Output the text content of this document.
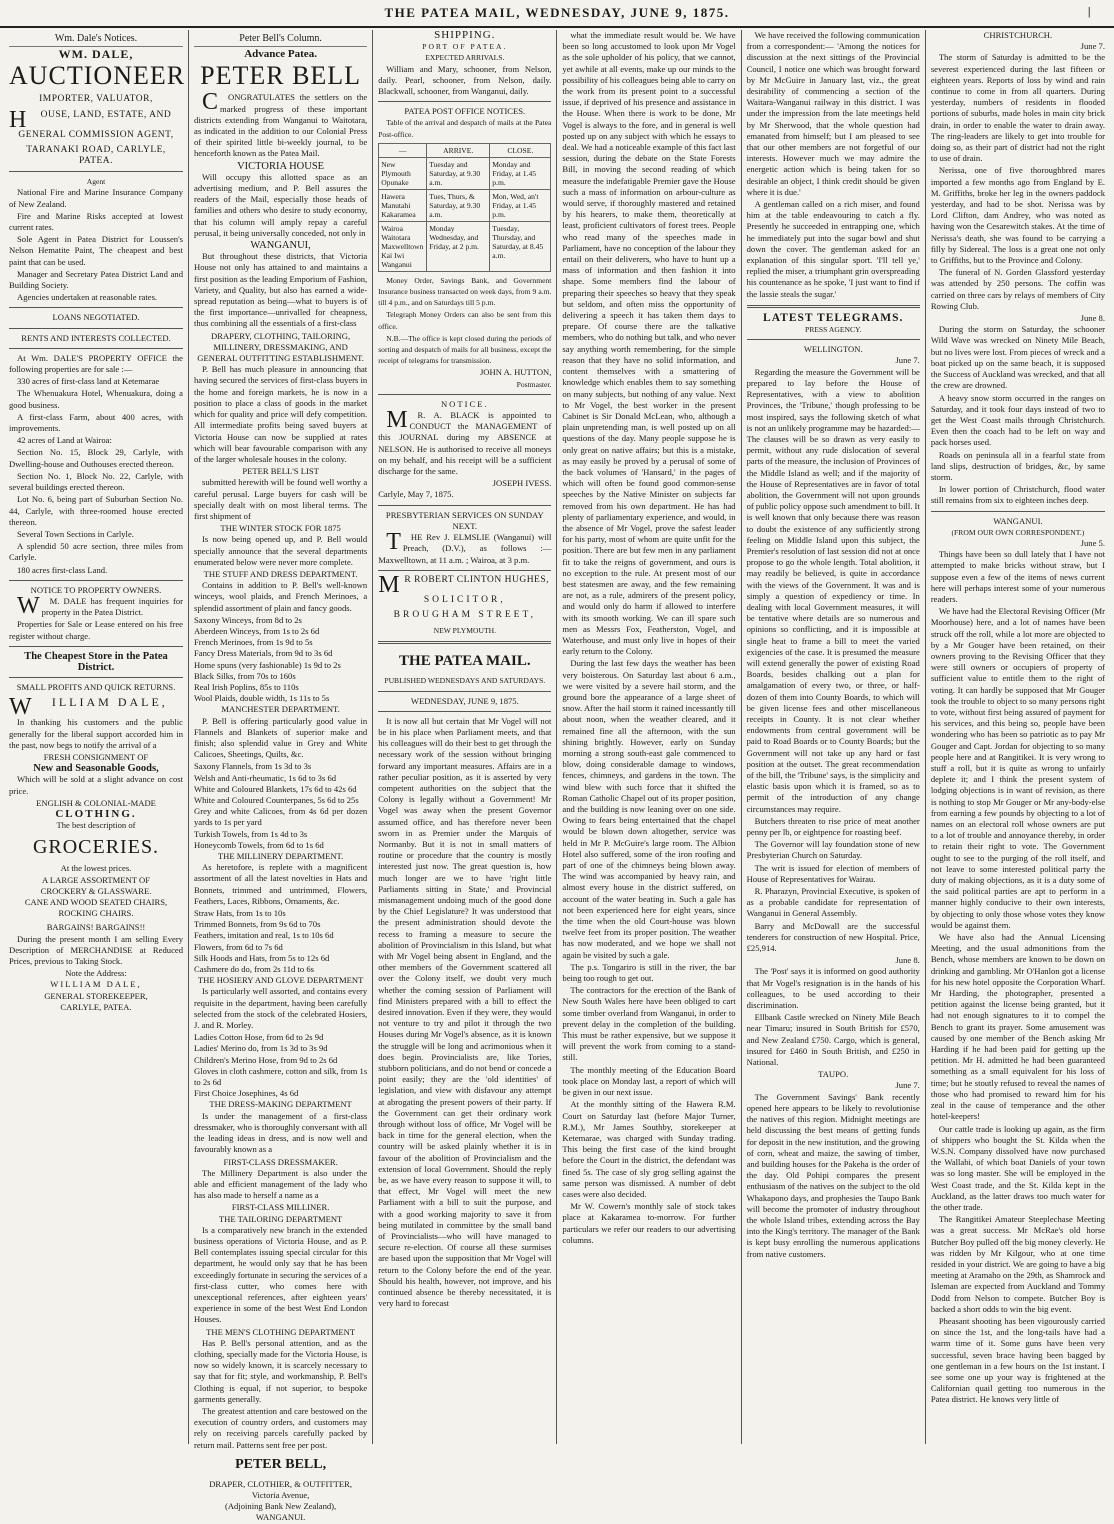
THE PATEA MAIL, WEDNESDAY, JUNE 9, 1875.	|
Wm. Dale's Notices.
WM. DALE,
AUCTIONEER
IMPORTER, VALUATOR,
H OUSE, LAND, ESTATE, AND
GENERAL COMMISSION AGENT,
TARANAKI ROAD, CARLYLE, PATEA.
Agent

National Fire and Marine Insurance Company of New Zealand.

Fire and Marine Risks accepted at lowest current rates.

Sole Agent in Patea District for Loussen's Nelson Hematite Paint, The cheapest and best paint that can be used.

Manager and Secretary Patea District Land and Building Society.

Agencies undertaken at reasonable rates.

LOANS NEGOTIATED.
RENTS AND INTERESTS COLLECTED.

At Wm. DALE'S PROPERTY OFFICE the following properties are for sale :—

330 acres of first-class land at Ketemarae

The Whenuakura Hotel, Whenuakura, doing a good business.

A first-class Farm, about 400 acres, with improvements.

42 acres of Land at Wairoa:

Section No. 15, Block 29, Carlyle, with Dwelling-house and Outhouses erected thereon.

Section No. 1, Block No. 22, Carlyle, with several buildings erected thereon.

Lot No. 6, being part of Suburban Section No. 44, Carlyle, with three-roomed house erected thereon.

Several Town Sections in Carlyle.

A splendid 50 acre section, three miles from Carlyle.

180 acres first-class Land.

NOTICE TO PROPERTY OWNERS.

W M. DALE has frequent inquiries for property in the Patea District.

Properties for Sale or Lease entered on his free register without charge.

The Cheapest Store in the Patea District.
SMALL PROFITS AND QUICK RETURNS.
W ILLIAM DALE,

In thanking his customers and the public generally for the liberal support accorded him in the past, now begs to notify the arrival of a

FRESH CONSIGNMENT OF
New and Seasonable Goods,

Which will be sold at a slight advance on cost price.

ENGLISH & COLONIAL-MADE
CLOTHING.
The best description of
GROCERIES.
At the lowest prices.
A LARGE ASSORTMENT OF
CROCKERY & GLASSWARE.
CANE AND WOOD SEATED CHAIRS,
ROCKING CHAIRS.
BARGAINS! BARGAINS!!

During the present month I am selling Every Description of MERCHANDISE at Reduced Prices, previous to Taking Stock.

Note the Address:
WILLIAM DALE,
GENERAL STOREKEEPER,
CARLYLE, PATEA.
Peter Bell's Column.
Advance Patea.
PETER BELL

C ONGRATULATES the settlers on the marked progress of these important districts extending from Wanganui to Waitotara, as indicated in the addition to our Colonial Press of their spirited little bi-weekly journal, to be henceforth known as the Patea Mail.

VICTORIA HOUSE

Will occupy this allotted space as an advertising medium, and P. Bell assures the readers of the Mail, especially those heads of families and others who desire to study economy, that his column will amply repay a careful perusal, it being universally conceded, not only in

WANGANUI,

But throughout these districts, that Victoria House not only has attained to and maintains a first position as the leading Emporium of Fashion, Variety, and Quality, but also has earned a wide-spread reputation as being—what to buyers is of the first importance—unrivalled for cheapness, thus combining all the essentials of a first-class

DRAPERY, CLOTHING, TAILORING, MILLINERY, DRESSMAKING, AND GENERAL OUTFITTING ESTABLISHMENT.

P. Bell has much pleasure in announcing that having secured the services of first-class buyers in the home and foreign markets, he is now in a position to place a class of goods in the market which for quality and price will defy competition. All intermediate profits being saved buyers at Victoria House can now be supplied at rates which will bear favourable comparison with any of the larger wholesale houses in the colony.

PETER BELL'S LIST

submitted herewith will be found well worthy a careful perusal. Large buyers for cash will be specially dealt with on most liberal terms. The first shipment of

THE WINTER STOCK FOR 1875

Is now being opened up, and P. Bell would specially announce that the several departments enumerated below were never more complete.

THE STUFF AND DRESS DEPARTMENT.

Contains in addition to P. Bell's well-known winceys, wool plaids, and French Merinoes, a splendid assortment of plain and fancy goods.

Saxony Winceys, from 8d to 2s
Aberdeen Winceys, from 1s to 2s 6d
French Merinoes, from 1s 9d to 5s
Fancy Dress Materials, from 9d to 3s 6d
Home spuns (very fashionable) 1s 9d to 2s
Black Silks, from 70s to 160s
Real Irish Poplins, 85s to 110s
Wool Plaids, double width, 1s 11s to 5s
MANCHESTER DEPARTMENT.

P. Bell is offering particularly good value in Flannels and Blankets of superior make and finish; also splendid value in Grey and White Calicoes, Sheetings, Quilts, &c.

Saxony Flannels, from 1s 3d to 3s
Welsh and Anti-rheumatic, 1s 6d to 3s 6d
White and Coloured Blankets, 17s 6d to 42s 6d
White and Coloured Counterpanes, 5s 6d to 25s
Grey and white Calicoes, from 4s 6d per dozen yards to 1s per yard
Turkish Towels, from 1s 4d to 3s
Honeycomb Towels, from 6d to 1s 6d
THE MILLINERY DEPARTMENT.

As heretofore, is replete with a magnificent assortment of all the latest novelties in Hats and Bonnets, trimmed and untrimmed, Flowers, Feathers, Laces, Ribbons, Ornaments, &c.

Straw Hats, from 1s to 10s
Trimmed Bonnets, from 9s 6d to 70s
Feathers, imitation and real, 1s to 10s 6d
Flowers, from 6d to 7s 6d
Silk Hoods and Hats, from 5s to 12s 6d
Cashmere do do, from 2s 11d to 6s
THE HOSIERY AND GLOVE DEPARTMENT

Is particularly well assorted, and contains every requisite in the department, having been carefully selected from the stock of the celebrated Hosiers, J. and R. Morley.

Ladies Cotton Hose, from 6d to 2s 9d
Ladies' Merino do, from 1s 3d to 3s 9d
Children's Merino Hose, from 9d to 2s 6d
Gloves in cloth cashmere, cotton and silk, from 1s to 2s 6d
First Choice Josephines, 4s 6d
THE DRESS-MAKING DEPARTMENT

Is under the management of a first-class dressmaker, who is thoroughly conversant with all the leading ideas in dress, and is now well and favourably known as a

FIRST-CLASS DRESSMAKER.

The Millinery Department is also under the able and efficient management of the lady who has also made to herself a name as a

FIRST-CLASS MILLINER.
THE TAILORING DEPARTMENT

Is a comparatively new branch in the extended business operations of Victoria House, and as P. Bell contemplates issuing special circular for this department, he would only say that he has been exceedingly fortunate in securing the services of a first-class cutter, who comes here with unexceptional references, after eighteen years' experience in some of the best West End London Houses.

THE MEN'S CLOTHING DEPARTMENT

Has P. Bell's personal attention, and as the clothing, specially made for the Victoria House, is now so widely known, it is scarcely necessary to say that for fit; style, and workmanship, P. Bell's Clothing is equal, if not superior, to bespoke garments generally.

The greatest attention and care bestowed on the execution of country orders, and customers may rely on receiving parcels carefully packed by return mail. Patterns sent free per post.

PETER BELL,
DRAPER, CLOTHIER, & OUTFITTER,
Victoria Avenue,
(Adjoining Bank New Zealand),
WANGANUI.
SHIPPING.
PORT OF PATEA.
EXPECTED ARRIVALS.

William and Mary, schooner, from Nelson, daily. Pearl, schooner, from Nelson, daily. Blackwall, schooner, from Wanganui, daily.

PATEA POST OFFICE NOTICES.

Table of the arrival and despatch of mails at the Patea Post-office.

—	ARRIVE.	CLOSE.
New Plymouth
Opunake	Tuesday and Saturday, at 9.30 a.m.	Monday and Friday, at 1.45 p.m.
Hawera
Manutahi
Kakaramea	Tues, Thurs, & Saturday, at 9.30 a.m.	Mon, Wed, an't Friday, at 1.45 p.m.
Wairoa
Waitotara
Maxwelltown
Kai Iwi
Wanganui	Monday Wednesday, and Friday, at 2 p.m.	Tuesday, Thursday, and Saturday, at 8.45 a.m.

Money Order, Savings Bank, and Government Insurance business transacted on week days, from 9 a.m. till 4 p.m., and on Saturdays till 5 p.m.

Telegraph Money Orders can also be sent from this office.

N.B.—The office is kept closed during the periods of sorting and despatch of mails for all business, except the receipt of telegrams for transmission.

JOHN A. HUTTON,
Postmaster.
NOTICE.

M R. A. BLACK is appointed to CONDUCT the MANAGEMENT of this JOURNAL during my ABSENCE at NELSON. He is authorised to receive all moneys on my behalf, and his receipt will be a sufficient discharge for the same.

JOSEPH IVESS.
Carlyle, May 7, 1875.
PRESBYTERIAN SERVICES ON SUNDAY NEXT.

T HE Rev J. ELMSLIE (Wanganui) will Preach, (D.V.), as follows :— Maxwelltown, at 11 a.m. ; Wairoa, at 3 p.m.

M R ROBERT CLINTON HUGHES,
SOLICITOR,
BROUGHAM STREET,
NEW PLYMOUTH.
THE PATEA MAIL.
PUBLISHED WEDNESDAYS AND SATURDAYS.
WEDNESDAY, JUNE 9, 1875.

It is now all but certain that Mr Vogel will not be in his place when Parliament meets, and that his colleagues will do their best to get through the necessary work of the session without bringing forward any important measures. Affairs are in a rather peculiar position, as it is asserted by very competent authorities on the subject that the Colony is legally without a Government! Mr Vogel was away when the present Governor assumed office, and has therefore never been sworn in as Premier under the Marquis of Normanby. But it is not in small matters of routine or procedure that the country is mostly interested just now. The great question is, how much longer are we to have 'right little Parliaments sitting in State,' and Provincial mismanagement undoing much of the good done by the Chief Legislature? It was understood that the present administration should devote the recess to framing a measure to secure the abolition of Provincialism in this Island, but what with Mr Vogel being absent in England, and the other members of the Government scattered all over the Colony itself, we doubt very much whether the coming session of Parliament will find Ministers prepared with a bill to effect the desired innovation. Even if they were, they would not venture to try and pilot it through the two Houses during Mr Vogel's absence, as it is known the struggle will be long and acrimonious when it does begin. Provincialists are, like Tories, stubborn politicians, and do not bend or concede a point easily; they are the 'old identities' of legislation, and view with disfavour any attempt at abrogating the present powers of their party. If the Government can get their ordinary work through without loss of office, Mr Vogel will be back in time for the general election, when the country will be asked plainly whether it is in favour of the abolition of Provincialism and the extension of local Government. Should the reply be, as we have every reason to suppose it will, to that effect, Mr Vogel will meet the new Parliament with a bill to suit the purpose, and with a good working majority to save it from being mutilated in committee by the small band of Provincialists—who will have managed to secure re-election. Of course all these surmises are based upon the supposition that Mr Vogel will return to the Colony before the end of the year. Should his health, however, not improve, and his continued absence be thereby necessitated, it is very hard to forecast

what the immediate result would be. We have been so long accustomed to look upon Mr Vogel as the sole upholder of his policy, that we cannot, yet awhile at all events, make up our minds to the possibility of his colleagues being able to carry on the work from its present point to a successful issue, if deprived of his presence and assistance in the House. When there is work to be done, Mr Vogel is always to the fore, and in general is well posted up on any subject with which he essays to deal. We had a noticeable example of this fact last session, during the debate on the State Forests Bill, in moving the second reading of which measure the indefatigable Premier gave the House such a mass of information on arbour-culture as would serve, if thoroughly mastered and retained by his hearers, to make them, theoretically at least, proficient cultivators of forest trees. People who read many of the speeches made in Parliament, have no conception of the labour they entail on their deliverers, who have to hunt up a mass of information and then fashion it into shape. Some members find the labour of preparing their speeches so heavy that they speak but seldom, and often miss the opportunity of delivering a speech it has taken them days to prepare. Of course there are the talkative members, who do nothing but talk, and who never say anything worth remembering, for the simple reason that they have no solid information, and content themselves with a smattering of knowledge which enables them to say something on many subjects, but nothing of any value. Next to Mr Vogel, the best worker in the present Cabinet is Sir Donald McLean, who, although a plain unpretending man, is well posted up on all questions of the day. Many people suppose he is only great on native affairs; but this is a mistake, as may easily be proved by a perusal of some of the back volumes of 'Hansard,' in the pages of which will often be found good common-sense speeches by the Native Minister on subjects far removed from his own department. He has had plenty of parliamentary experience, and would, in the absence of Mr Vogel, prove the safest leader for his party, most of whom are quite unfit for the position. There are but few men in any parliament fit to take the reigns of government, and ours is no exception to the rule. At present most of our best statesmen are away, and the few remaining are not, as a rule, admirers of the present policy, and would only do harm if allowed to interfere with its smooth working. We can ill spare such men as Messrs Fox, Featherston, Vogel, and Waterhouse, and must only live in hopes of their early return to the Colony.

During the last few days the weather has been very boisterous. On Saturday last about 6 a.m., we were visited by a severe hail storm, and the ground bore the appearance of a large sheet of snow. After the hail storm it rained incessantly till about noon, when the weather cleared, and it remained fine all the afternoon, with the sun shining brightly. However, early on Sunday morning a strong south-east gale commenced to blow, doing considerable damage to windows, fences, chimneys, and gardens in the town. The wind blew with such force that it shifted the Roman Catholic Chapel out of its proper position, and the building is now leaning over on one side. Owing to fears being entertained that the chapel would be blown down altogether, service was held in Mr P. McGuire's large room. The Albion Hotel also suffered, some of the iron roofing and part of one of the chimneys being blown away. The wind was accompanied by heavy rain, and almost every house in the district suffered, on account of the water beating in. Such a gale has not been experienced here for eight years, since the time when the old Court-house was blown twelve feet from its proper position. The weather has now moderated, and we hope we shall not again be visited by such a gale.

The p.s. Tongariro is still in the river, the bar being too rough to get out.

The contractors for the erection of the Bank of New South Wales here have been obliged to cart some timber overland from Wanganui, in order to prevent delay in the completion of the building. This must be rather expensive, but we suppose it will prevent the work from coming to a stand-still.

The monthly meeting of the Education Board took place on Monday last, a report of which will be given in our next issue.

At the monthly sitting of the Hawera R.M. Court on Saturday last (before Major Turner, R.M.), Mr James Southby, storekeeper at Ketemarae, was charged with Sunday trading. This being the first case of the kind brought before the Court in the district, the defendant was fined 5s. The case of sly grog selling against the same person was dismissed. A number of debt cases were also decided.

Mr W. Cowern's monthly sale of stock takes place at Kakaramea to-morrow. For further particulars we refer our readers to our advertising columns.

We have received the following communication from a correspondent:— 'Among the notices for discussion at the next sittings of the Provincial Council, I notice one which was brought forward by Mr McGuire in January last, viz., the great desirability of commencing a section of the Waitara-Wanganui railway in this district. I was under the impression from the late meetings held by Mr Sherwood, that the whole question had emanated from himself; but I am pleased to see that our other members are not forgetful of our interests. However much we may admire the energetic action which is being taken for so desirable an object, I think credit should be given where it is due.'

A gentleman called on a rich miser, and found him at the table endeavouring to catch a fly. Presently he succeeded in entrapping one, which he immediately put into the sugar bowl and shut down the cover. The gentleman asked for an explanation of this singular sport. 'I'll tell ye,' replied the miser, a triumphant grin overspreading his countenance as he spoke, 'I just want to find if the lassie steals the sugar.'

LATEST TELEGRAMS.
PRESS AGENCY.
WELLINGTON.
June 7.

Regarding the measure the Government will be prepared to lay before the House of Representatives, with a view to abolition Provinces, the 'Tribune,' though professing to be most inspired, says the following sketch of what is not an unlikely programme may be hazarded:— The clauses will be so drawn as very easily to permit, without any rude dislocation of several parts of the measure, the inclusion of Provinces of the Middle Island as well; and if the majority of the House of Representatives are in favor of total abolition, the Government will not upon grounds of public policy oppose such amendment to bill. It is well known that only because there was reason to doubt the existence of any sufficiently strong feeling on Middle Island upon this subject, the Premier's resolution of last session did not at once propose to go the whole length. Total abolition, it may readily be believed, is quite in accordance with the views of the Government. It was and is simply a question of expediency or time. In dealing with local Government measures, it will be tentative where details are so numerous and opinions so conflicting, and it is impossible at single heat to frame a bill to meet the varied exigencies of the case. It is presumed the measure will extend generally the power of existing Road Boards, besides chalking out a plan for amalgamation of every two, or three, or half-dozen of them into County Boards, to which will be given license fees and other miscellaneous receipts in County. It is not clear whether endowments from central government will be paid to Road Boards or to County Boards; but the Government will not take up any hard or fast position at the outset. The great recommendation of the bill, the 'Tribune' says, is the simplicity and elastic basis upon which it is framed, so as to permit of the introduction of any change circumstances may require.

Butchers threaten to rise price of meat another penny per lb, or eightpence for roasting beef.

The Governor will lay foundation stone of new Presbyterian Church on Saturday.

The writ is issued for election of members of House of Representatives for Wairau.

R. Pharazyn, Provincial Executive, is spoken of as a probable candidate for representation of Wanganui in General Assembly.

Barry and McDowall are the successful tenderers for construction of new Hospital. Price, £25,914.

June 8.

The 'Post' says it is informed on good authority that Mr Vogel's resignation is in the hands of his colleagues, to be used according to their discrimination.

Ellbank Castle wrecked on Ninety Mile Beach near Timaru; insured in South British for £570, and New Zealand £750. Cargo, which is general, insured for £460 in South British, and £250 in National.

TAUPO.
June 7.

The Government Savings' Bank recently opened here appears to be likely to revolutionise the natives of this region. Midnight meetings are held discussing the best means of getting funds for deposit in the new institution, and the growing of corn, wheat and maize, the sawing of timber, and building houses for the Pakeha is the order of the day. Old Pohipi compares the present enthusiasm of the natives on the subject to the old Whakapono days, and prophesies the Taupo Bank will become the promoter of industry throughout the whole Island tribes, extending across the Bay into the King's territory. The manager of the Bank is kept busy enrolling the numerous applications from native customers.

CHRISTCHURCH.
June 7.

The storm of Saturday is admitted to be the severest experienced during the last fifteen or eighteen years. Reports of loss by wind and rain continue to come in from all quarters. During yesterday, numbers of residents in flooded portions of suburbs, made holes in main city brick drain, in order to enable the water to drain away. The ring-leaders are likely to get into trouble for doing so, as their part of district had not the right to use of drain.

Nerissa, one of five thoroughbred mares imported a few months ago from England by E. M. Griffiths, broke her leg in the owners paddock yesterday, and had to be shot. Nerissa was by Lord Clifton, dam Andrey, who was noted as having won the Cesarewitch stakes. At the time of Nerissa's death, she was found to be carrying a filly by Sidereal. The loss is a great one not only to Griffiths, but to the Province and Colony.

The funeral of N. Gorden Glassford yesterday was attended by 250 persons. The coffin was carried on three cars by relays of members of City Rowing Club.

June 8.

During the storm on Saturday, the schooner Wild Wave was wrecked on Ninety Mile Beach, but no lives were lost. From pieces of wreck and a boat picked up on the same beach, it is supposed the Success of Auckland was wrecked, and that all the crew are drowned.

A heavy snow storm occurred in the ranges on Saturday, and it took four days instead of two to get the West Coast mails through Christchurch. Even then the coach had to be left on way and pack horses used.

Roads on peninsula all in a fearful state from land slips, destruction of bridges, &c, by same storm.

In lower portion of Christchurch, flood water still remains from six to eighteen inches deep.

WANGANUI.
(FROM OUR OWN CORRESPONDENT.)
June 5.

Things have been so dull lately that I have not attempted to make bricks without straw, but I suppose even a few of the items of news current here will perhaps interest some of your numerous readers.

We have had the Electoral Revising Officer (Mr Moorhouse) here, and a lot of names have been struck off the roll, while a lot more are objected to by a Mr Gouger have been retained, on their owners proving to the Revising Officer that they were still owners or occupiers of property of sufficient value to entitle them to the right of voting. It can hardly be supposed that Mr Gouger took the trouble to object to so many persons right to vote, without first being assured of payment for his services, and this being so, people have been wondering who has been so patriotic as to pay Mr Gouger and Capt. Jordan for objecting to so many people here and at Rangitikei. It is very wrong to stuff a roll, but it is quite as wrong to unfairly deplete it; and I think the present system of lodging objections is in want of revision, as there is nothing to stop Mr Gouger or Mr any-body-else from earning a few pounds by objecting to a lot of names on an electoral roll whose owners are put to a lot of trouble and annoyance thereby, in order to retain their right to vote. The Government ought to see to the purging of the roll itself, and not leave to some interested political party the duty of making objections, as it is a duty some of the said political parties are apt to perform in a manner highly conducive to their own interests, by objecting to only those whose votes they know would be against them.

We have also had the Annual Licensing Meeting, and the usual admonitions from the Bench, whose members are known to be down on drinking and gambling. Mr O'Hanlon got a license for his new hotel opposite the Corporation Wharf. Mr Harding, the photographer, presented a petition against the license being granted, but it had not enough signatures to it to compel the Bench to grant its prayer. Some amusement was caused by one member of the Bench asking Mr Harding if he had been paid for getting up the petition. Mr H. admitted he had been guaranteed something as a small equivalent for his loss of time; but he stoutly refused to reveal the names of those who had promised to reward him for his zeal in the cause of temperance and the other hotel-keepers!

Our cattle trade is looking up again, as the firm of shippers who bought the St. Kilda when the W.S.N. Company dissolved have now purchased the Wallabi, of which boat Daniels of your town was so long master. She will be employed in the West Coast trade, and the St. Kilda kept in the Auckland, as the latter draws too much water for the other trade.

The Rangitikei Amateur Steeplechase Meeting was a great success. Mr McRae's old horse Butcher Boy pulled off the big money cleverly. He was ridden by Mr Kilgour, who at one time resided in your district. We are going to have a big meeting at Aramaho on the 29th, as Shamrock and Isleman are expected from Auckland and Tommy Dodd from Nelson to compete. Butcher Boy is backed a short odds to win the big event.

Pheasant shooting has been vigourously carried on since the 1st, and the long-tails have had a warm time of it. Some guns have been very successful, seven brace having been bagged by one gentleman in a few hours on the 1st instant. I see some one up your way is frightened at the Californian quail getting too numerous in the Patea district. He knows very little of
